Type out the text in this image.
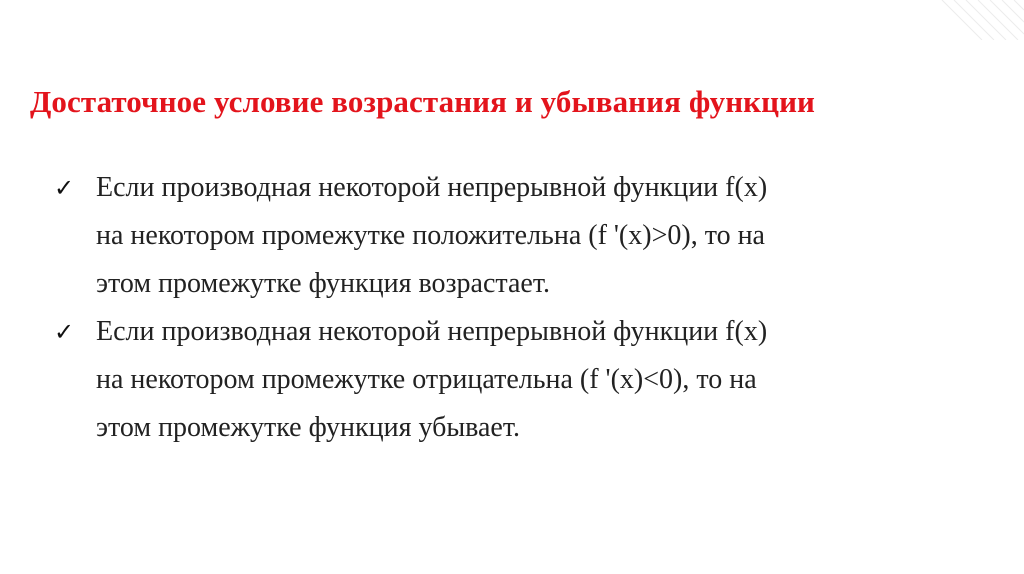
Достаточное условие возрастания и убывания функции
✓ Если производная некоторой непрерывной функции f(x)
на некотором промежутке положительна (f '(x)>0), то на
этом промежутке функция возрастает.
✓ Если производная некоторой непрерывной функции f(x)
на некотором промежутке отрицательна (f '(x)<0), то на
этом промежутке функция убывает.
